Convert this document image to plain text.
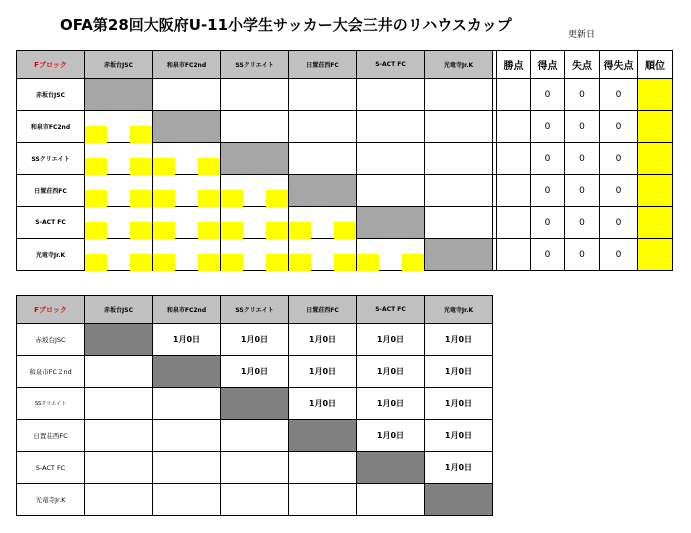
OFA第28回大阪府U-11小学生サッカー大会三井のリハウスカップ
更新日
Fブロック	赤坂台JSC	和泉市FC2nd	SSクリエイト	日置荘西FC	S-ACT FC	光竜寺Jr.K		勝点	得点	失点	得失点	順位
赤坂台JSC									0	0	0	
和泉市FC2nd									0	0	0	
SSクリエイト									0	0	0	
日置荘西FC									0	0	0	
S-ACT FC									0	0	0	
光竜寺Jr.K									0	0	0	
Fブロック	赤坂台JSC	和泉市FC2nd	SSクリエイト	日置荘西FC	S-ACT FC	光竜寺Jr.K
赤坂台JSC		1月0日	1月0日	1月0日	1月0日	1月0日
和泉市FC２nd			1月0日	1月0日	1月0日	1月0日
SSクリエイト				1月0日	1月0日	1月0日
日置荘西FC					1月0日	1月0日
S-ACT FC						1月0日
光竜寺Jr.K						
